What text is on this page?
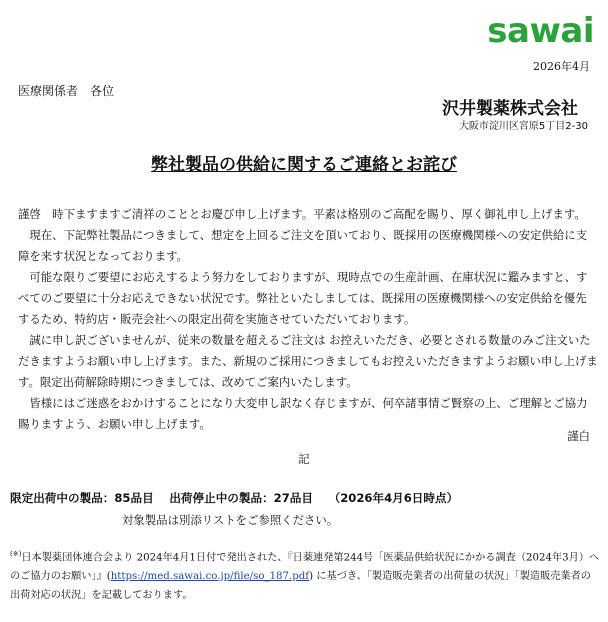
sawai
2026年4月
医療関係者　各位
沢井製薬株式会社
大阪市淀川区宮原5丁目2-30
弊社製品の供給に関するご連絡とお詫び

謹啓　時下ますますご清祥のこととお慶び申し上げます。平素は格別のご高配を賜り、厚く御礼申し上げます。

現在、下記弊社製品につきまして、想定を上回るご注文を頂いており、既採用の医療機関様への安定供給に支障を来す状況となっております。

可能な限りご要望にお応えするよう努力をしておりますが、現時点での生産計画、在庫状況に鑑みますと、すべてのご要望に十分お応えできない状況です。弊社といたしましては、既採用の医療機関様への安定供給を優先するため、特約店・販売会社への限定出荷を実施させていただいております。

誠に申し訳ございませんが、従来の数量を超えるご注文は お控えいただき、必要とされる数量のみご注文いただきますようお願い申し上げます。また、新規のご採用につきましてもお控えいただきますようお願い申し上げます。限定出荷解除時期につきましては、改めてご案内いたします。

皆様にはご迷惑をおかけすることになり大変申し訳なく存じますが、何卒諸事情ご賢察の上、ご理解とご協力賜りますよう、お願い申し上げます。

謹白
記
限定出荷中の製品：85品目　 出荷停止中の製品：27品目　 （2026年4月6日時点）
対象製品は別添リストをご参照ください。
(※)日本製薬団体連合会より 2024年4月1日付で発出された、『日薬連発第244号「医薬品供給状況にかかる調査（2024年3月）へのご協力のお願い」』(https://med.sawai.co.jp/file/so_187.pdf) に基づき、「製造販売業者の出荷量の状況」「製造販売業者の出荷対応の状況」を記載しております。
